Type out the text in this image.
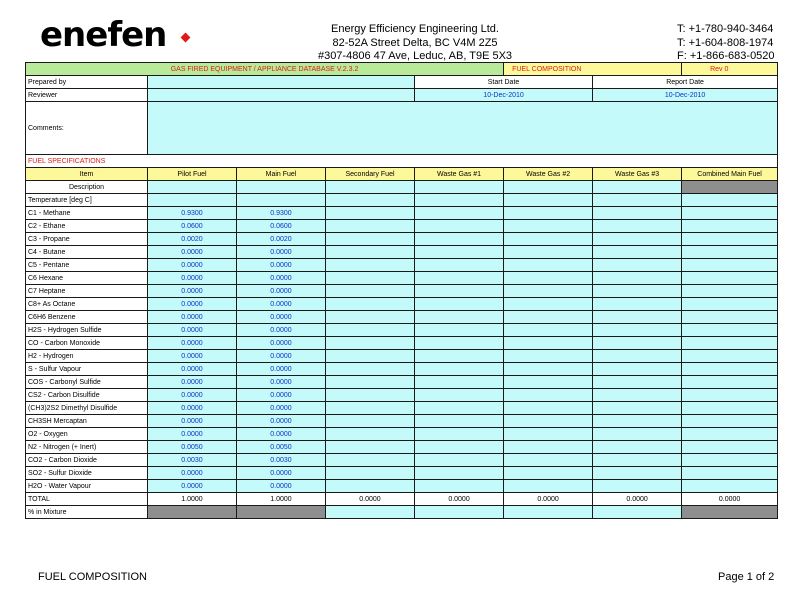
enefen	Energy Efficiency Engineering Ltd.
82-52A Street Delta, BC V4M 2Z5
#307-4806 47 Ave, Leduc, AB, T9E 5X3
T: +1-780-940-3464
T: +1-604-808-1974
F: +1-866-683-0520
GAS FIRED EQUIPMENT / APPLIANCE DATABASE V.2.3.2					FUEL COMPOSITION		Rev 0
Prepared by				Start Date		Report Date	
Reviewer				10-Dec-2010		10-Dec-2010	
Comments:							
FUEL SPECIFICATIONS							
Item	Pilot Fuel	Main Fuel	Secondary Fuel	Waste Gas #1	Waste Gas #2	Waste Gas #3	Combined Main Fuel
Description							
Temperature [deg C]							
C1 - Methane	0.9300	0.9300					
C2 - Ethane	0.0600	0.0600					
C3 - Propane	0.0020	0.0020					
C4 - Butane	0.0000	0.0000					
C5 - Pentane	0.0000	0.0000					
C6 Hexane	0.0000	0.0000					
C7 Heptane	0.0000	0.0000					
C8+ As Octane	0.0000	0.0000					
C6H6 Benzene	0.0000	0.0000					
H2S - Hydrogen Sulfide	0.0000	0.0000					
CO - Carbon Monoxide	0.0000	0.0000					
H2 - Hydrogen	0.0000	0.0000					
S - Sulfur Vapour	0.0000	0.0000					
COS - Carbonyl Sulfide	0.0000	0.0000					
CS2 - Carbon Disulfide	0.0000	0.0000					
(CH3)2S2 Dimethyl Disulfide	0.0000	0.0000					
CH3SH Mercaptan	0.0000	0.0000					
O2 - Oxygen	0.0000	0.0000					
N2 - Nitrogen (+ Inert)	0.0050	0.0050					
CO2 - Carbon Dioxide	0.0030	0.0030					
SO2 - Sulfur Dioxide	0.0000	0.0000					
H2O - Water Vapour	0.0000	0.0000					
TOTAL	1.0000	1.0000	0.0000	0.0000	0.0000	0.0000	0.0000
% in Mixture							
FUEL COMPOSITION	Page 1 of 2
